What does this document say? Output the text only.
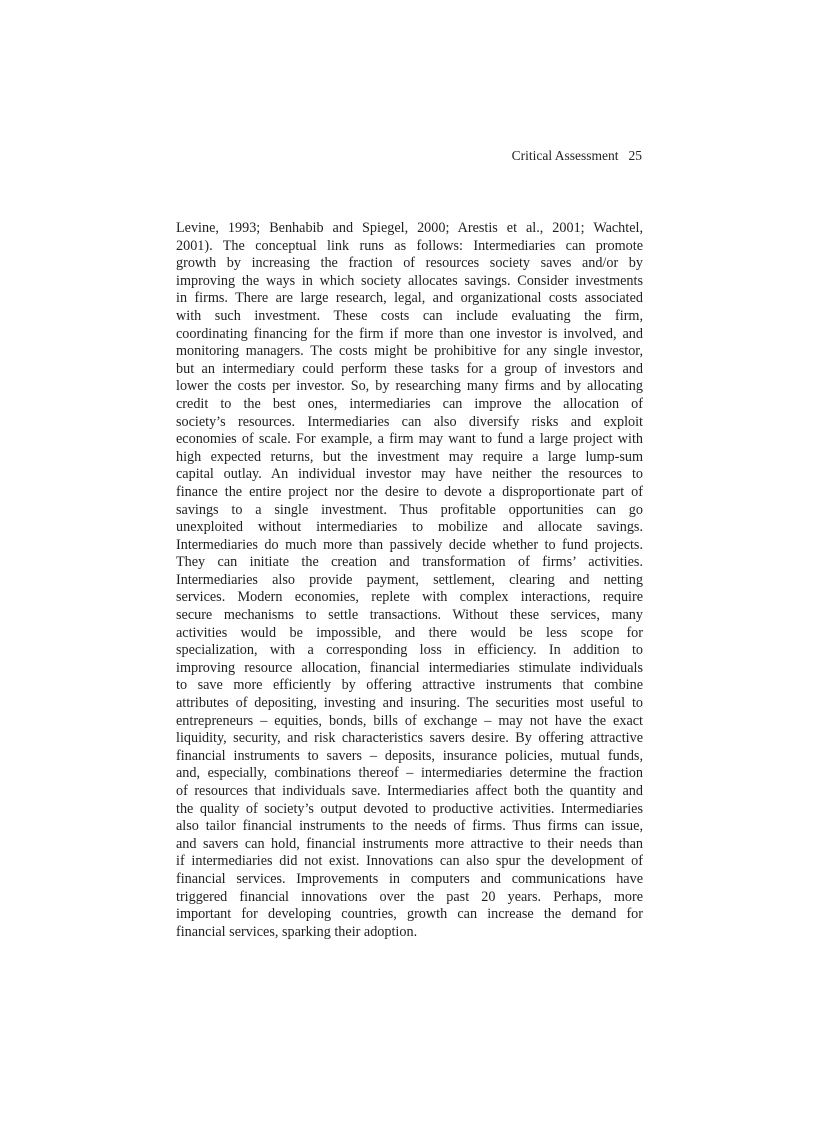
Critical Assessment 25
Levine, 1993; Benhabib and Spiegel, 2000; Arestis et al., 2001; Wachtel,
2001). The conceptual link runs as follows: Intermediaries can promote
growth by increasing the fraction of resources society saves and/or by
improving the ways in which society allocates savings. Consider investments
in firms. There are large research, legal, and organizational costs associated
with such investment. These costs can include evaluating the firm,
coordinating financing for the firm if more than one investor is involved, and
monitoring managers. The costs might be prohibitive for any single investor,
but an intermediary could perform these tasks for a group of investors and
lower the costs per investor. So, by researching many firms and by allocating
credit to the best ones, intermediaries can improve the allocation of
society’s resources. Intermediaries can also diversify risks and exploit
economies of scale. For example, a firm may want to fund a large project with
high expected returns, but the investment may require a large lump-sum
capital outlay. An individual investor may have neither the resources to
finance the entire project nor the desire to devote a disproportionate part of
savings to a single investment. Thus profitable opportunities can go
unexploited without intermediaries to mobilize and allocate savings.
Intermediaries do much more than passively decide whether to fund projects.
They can initiate the creation and transformation of firms’ activities.
Intermediaries also provide payment, settlement, clearing and netting
services. Modern economies, replete with complex interactions, require
secure mechanisms to settle transactions. Without these services, many
activities would be impossible, and there would be less scope for
specialization, with a corresponding loss in efficiency. In addition to
improving resource allocation, financial intermediaries stimulate individuals
to save more efficiently by offering attractive instruments that combine
attributes of depositing, investing and insuring. The securities most useful to
entrepreneurs – equities, bonds, bills of exchange – may not have the exact
liquidity, security, and risk characteristics savers desire. By offering attractive
financial instruments to savers – deposits, insurance policies, mutual funds,
and, especially, combinations thereof – intermediaries determine the fraction
of resources that individuals save. Intermediaries affect both the quantity and
the quality of society’s output devoted to productive activities. Intermediaries
also tailor financial instruments to the needs of firms. Thus firms can issue,
and savers can hold, financial instruments more attractive to their needs than
if intermediaries did not exist. Innovations can also spur the development of
financial services. Improvements in computers and communications have
triggered financial innovations over the past 20 years. Perhaps, more
important for developing countries, growth can increase the demand for
financial services, sparking their adoption.
